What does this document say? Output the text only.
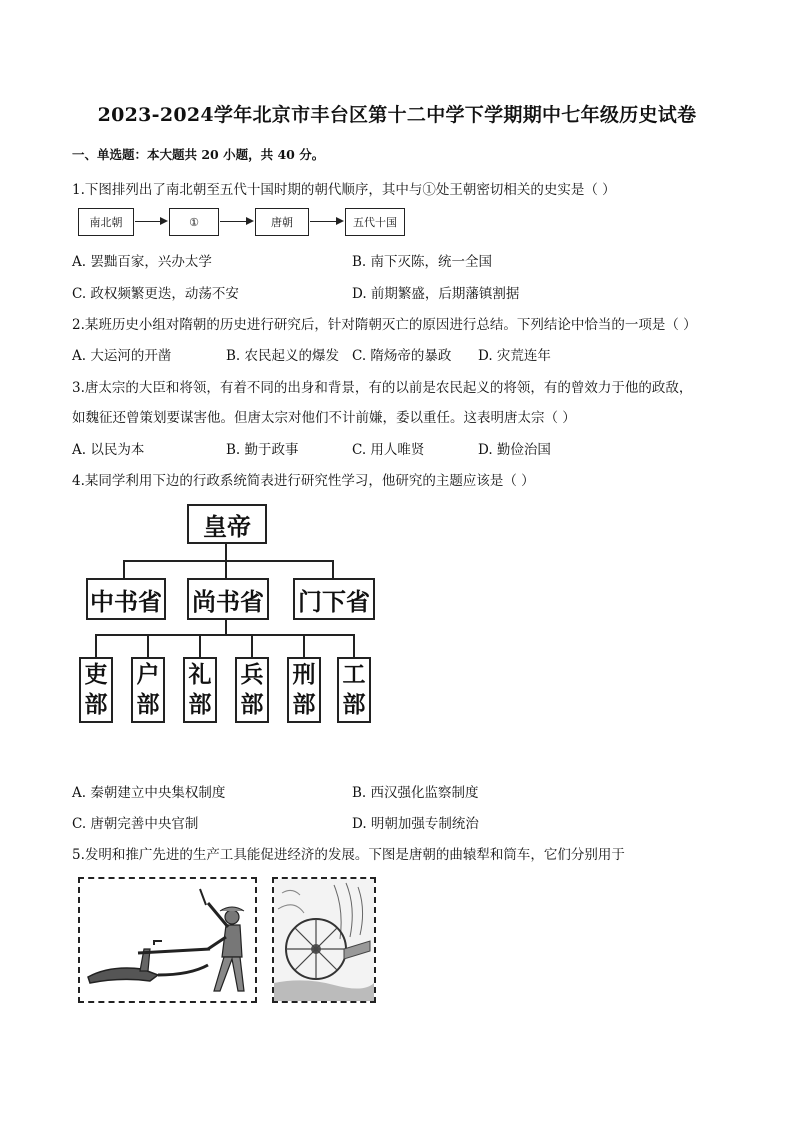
2023-2024学年北京市丰台区第十二中学下学期期中七年级历史试卷
一、单选题：本大题共 20 小题，共 40 分。
1.下图排列出了南北朝至五代十国时期的朝代顺序，其中与①处王朝密切相关的史实是（ ）
南北朝	①	唐朝	五代十国
A. 罢黜百家，兴办太学	B. 南下灭陈，统一全国
C. 政权频繁更迭，动荡不安	D. 前期繁盛，后期藩镇割据
2.某班历史小组对隋朝的历史进行研究后，针对隋朝灭亡的原因进行总结。下列结论中恰当的一项是（ ）
A. 大运河的开凿	B. 农民起义的爆发 C. 隋炀帝的暴政 D. 灾荒连年
3.唐太宗的大臣和将领，有着不同的出身和背景，有的以前是农民起义的将领，有的曾效力于他的政敌，
如魏征还曾策划要谋害他。但唐太宗对他们不计前嫌，委以重任。这表明唐太宗（ ）
A. 以民为本	B. 勤于政事	C. 用人唯贤	D. 勤俭治国
4.某同学利用下边的行政系统简表进行研究性学习，他研究的主题应该是（ ）
皇帝
中书省 尚书省 门下省
吏
部
户
部
礼
部
兵
部
刑
部
工
部
A. 秦朝建立中央集权制度	B. 西汉强化监察制度
C. 唐朝完善中央官制	D. 明朝加强专制统治
5.发明和推广先进的生产工具能促进经济的发展。下图是唐朝的曲辕犁和筒车，它们分别用于
